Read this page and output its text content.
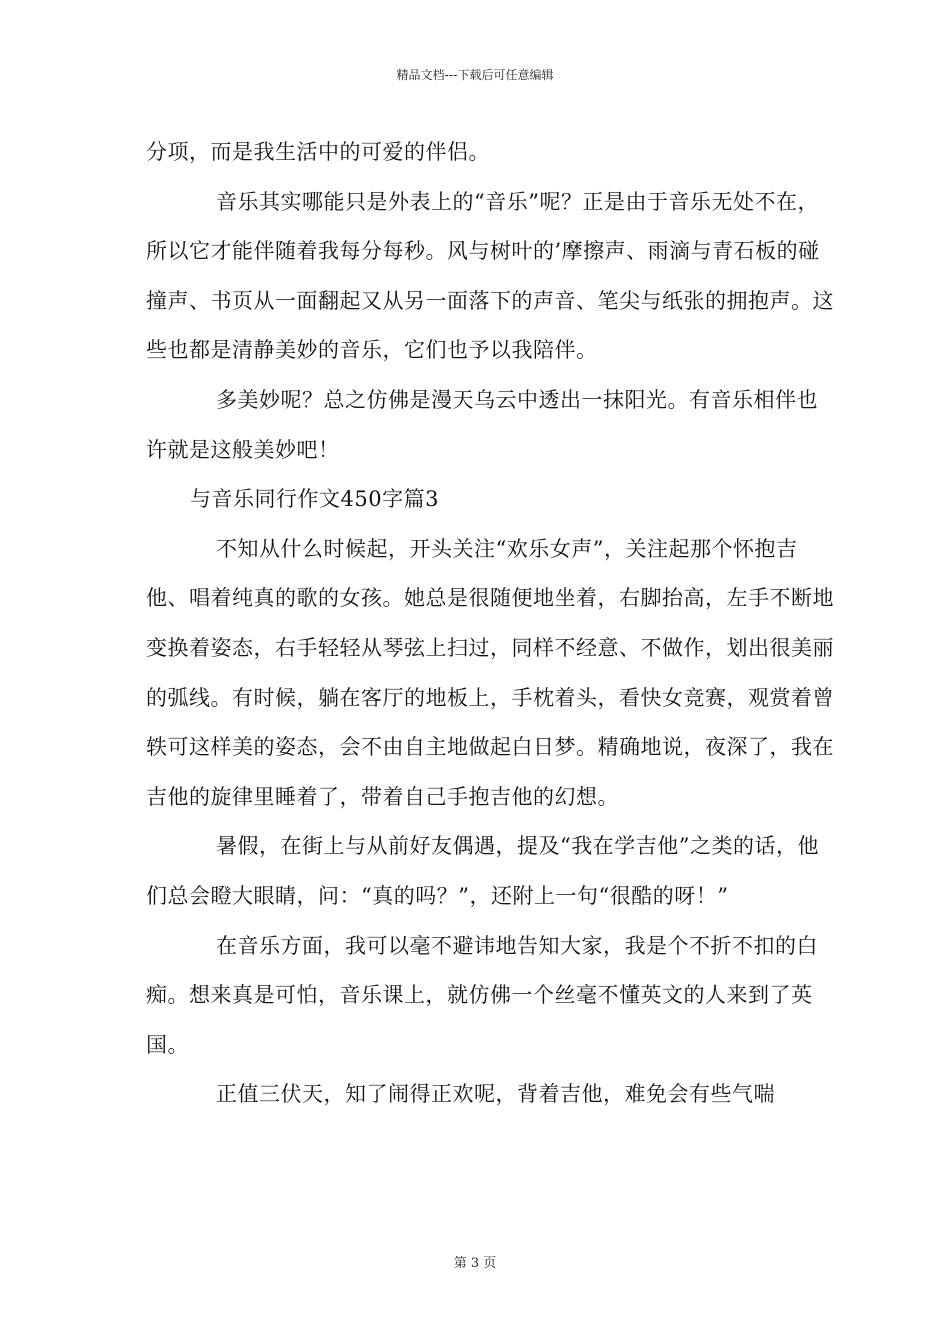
精品文档---下载后可任意编辑

分项，而是我生活中的可爱的伴侣。

音乐其实哪能只是外表上的“音乐”呢？正是由于音乐无处不在，所以它才能伴随着我每分每秒。风与树叶的’摩擦声、雨滴与青石板的碰撞声、书页从一面翻起又从另一面落下的声音、笔尖与纸张的拥抱声。这些也都是清静美妙的音乐，它们也予以我陪伴。

多美妙呢？总之仿佛是漫天乌云中透出一抹阳光。有音乐相伴也许就是这般美妙吧！

与音乐同行作文450字篇3

不知从什么时候起，开头关注“欢乐女声”，关注起那个怀抱吉他、唱着纯真的歌的女孩。她总是很随便地坐着，右脚抬高，左手不断地变换着姿态，右手轻轻从琴弦上扫过，同样不经意、不做作，划出很美丽的弧线。有时候，躺在客厅的地板上，手枕着头，看快女竞赛，观赏着曾轶可这样美的姿态，会不由自主地做起白日梦。精确地说，夜深了，我在吉他的旋律里睡着了，带着自己手抱吉他的幻想。

暑假，在街上与从前好友偶遇，提及“我在学吉他”之类的话，他们总会瞪大眼睛，问：“真的吗？”，还附上一句“很酷的呀！”

在音乐方面，我可以毫不避讳地告知大家，我是个不折不扣的白痴。想来真是可怕，音乐课上，就仿佛一个丝毫不懂英文的人来到了英国。

正值三伏天，知了闹得正欢呢，背着吉他，难免会有些气喘

第 3 页
